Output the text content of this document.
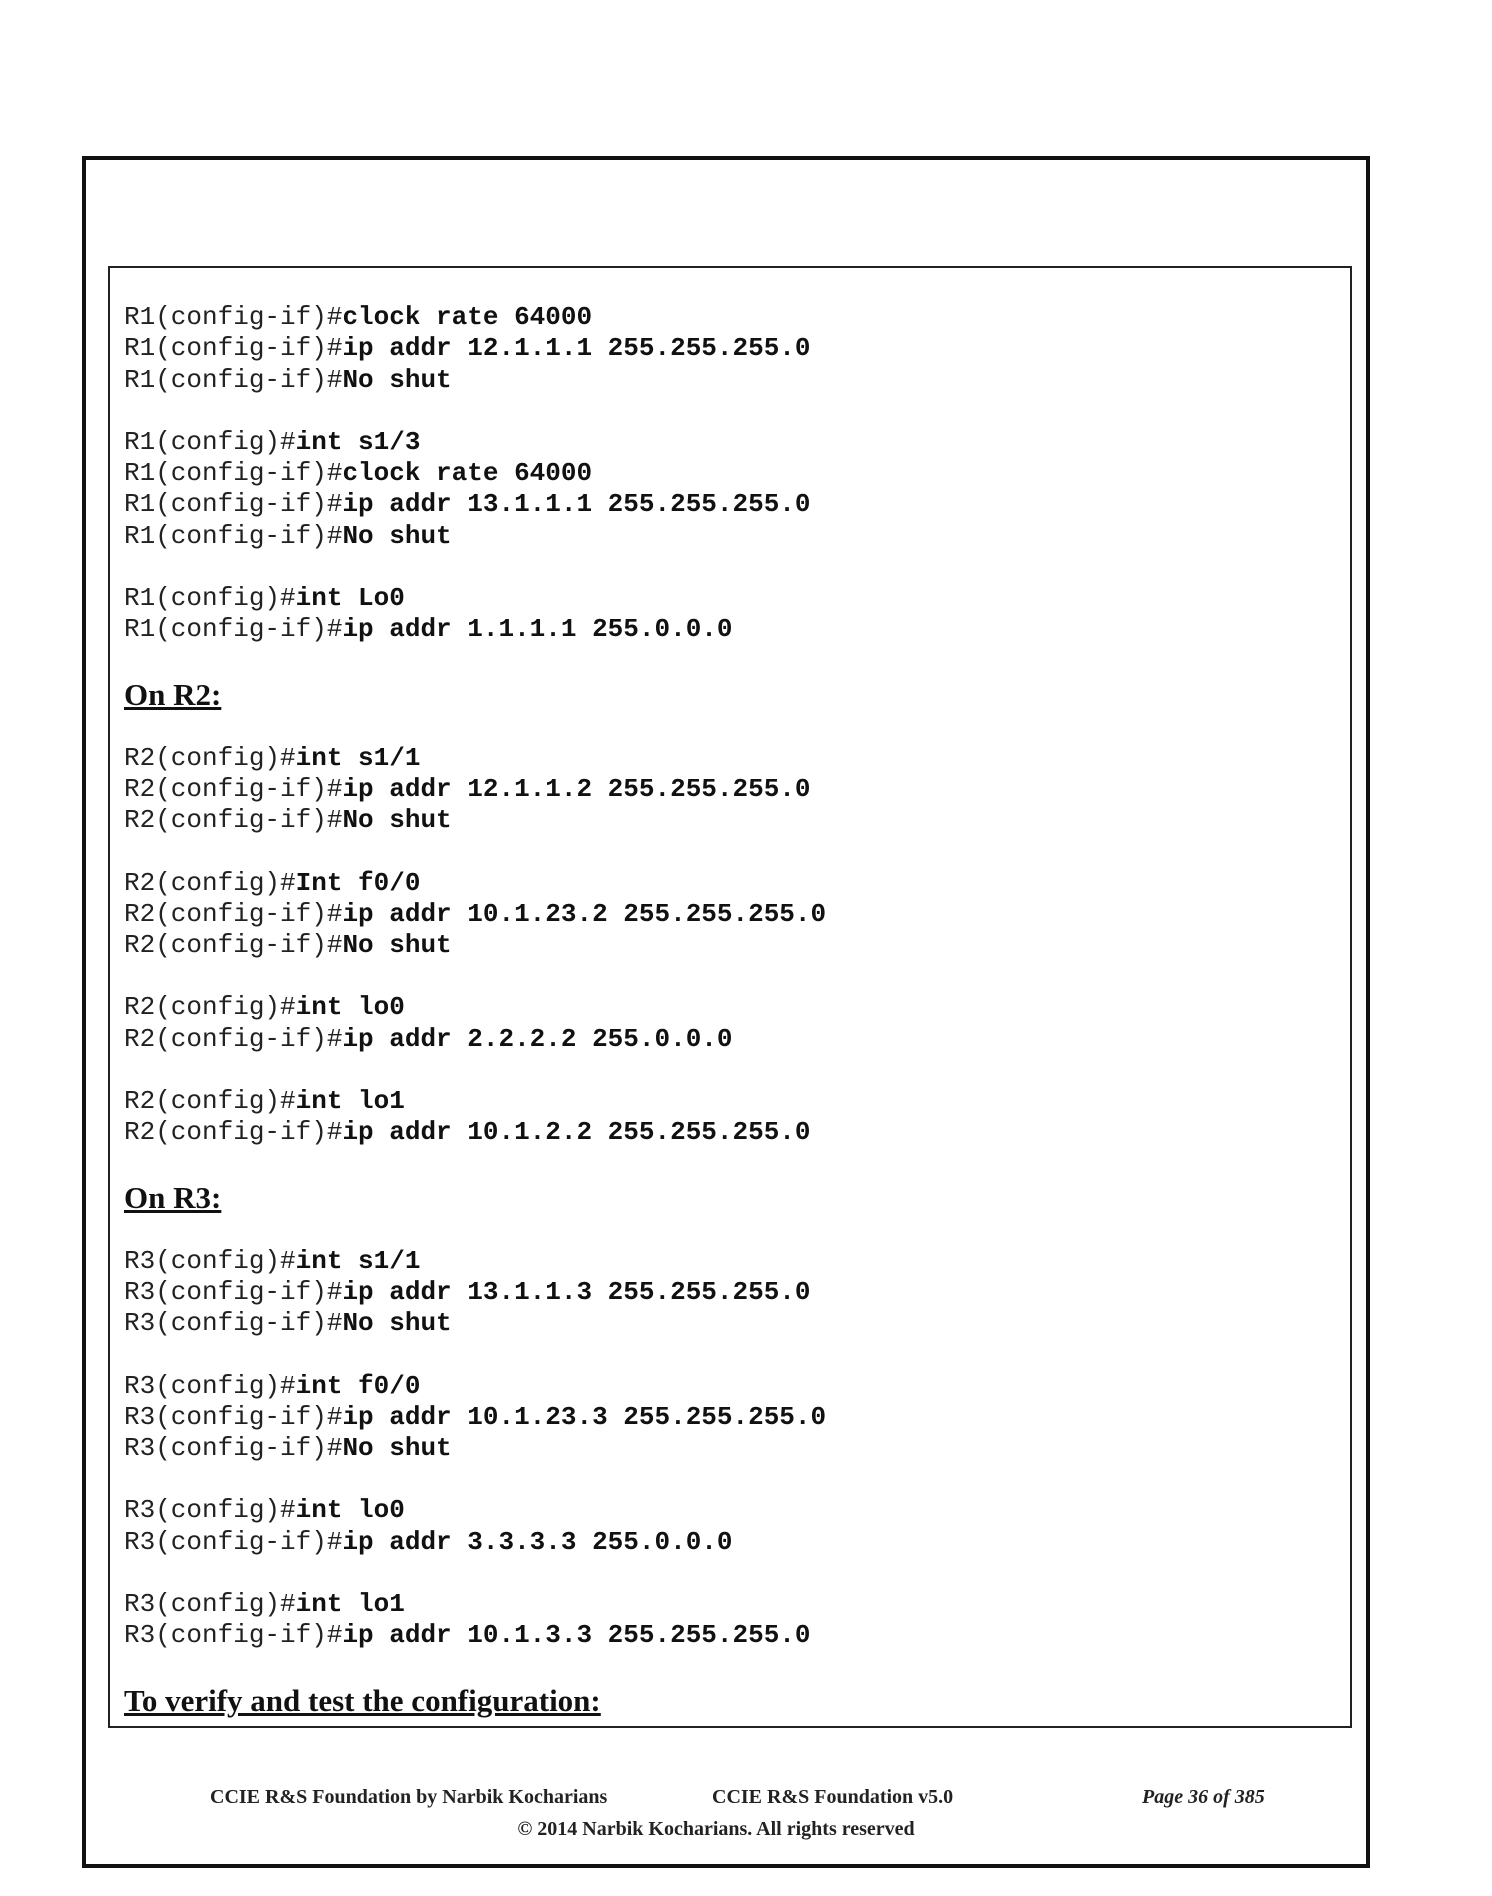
R1(config-if)#clock rate 64000
R1(config-if)#ip addr 12.1.1.1 255.255.255.0
R1(config-if)#No shut
R1(config)#int s1/3
R1(config-if)#clock rate 64000
R1(config-if)#ip addr 13.1.1.1 255.255.255.0
R1(config-if)#No shut
R1(config)#int Lo0
R1(config-if)#ip addr 1.1.1.1 255.0.0.0
On R2:
R2(config)#int s1/1
R2(config-if)#ip addr 12.1.1.2 255.255.255.0
R2(config-if)#No shut
R2(config)#Int f0/0
R2(config-if)#ip addr 10.1.23.2 255.255.255.0
R2(config-if)#No shut
R2(config)#int lo0
R2(config-if)#ip addr 2.2.2.2 255.0.0.0
R2(config)#int lo1
R2(config-if)#ip addr 10.1.2.2 255.255.255.0
On R3:
R3(config)#int s1/1
R3(config-if)#ip addr 13.1.1.3 255.255.255.0
R3(config-if)#No shut
R3(config)#int f0/0
R3(config-if)#ip addr 10.1.23.3 255.255.255.0
R3(config-if)#No shut
R3(config)#int lo0
R3(config-if)#ip addr 3.3.3.3 255.0.0.0
R3(config)#int lo1
R3(config-if)#ip addr 10.1.3.3 255.255.255.0
To verify and test the configuration:
CCIE R&S Foundation by Narbik Kocharians	CCIE R&S Foundation v5.0	Page 36 of 385
© 2014 Narbik Kocharians. All rights reserved
